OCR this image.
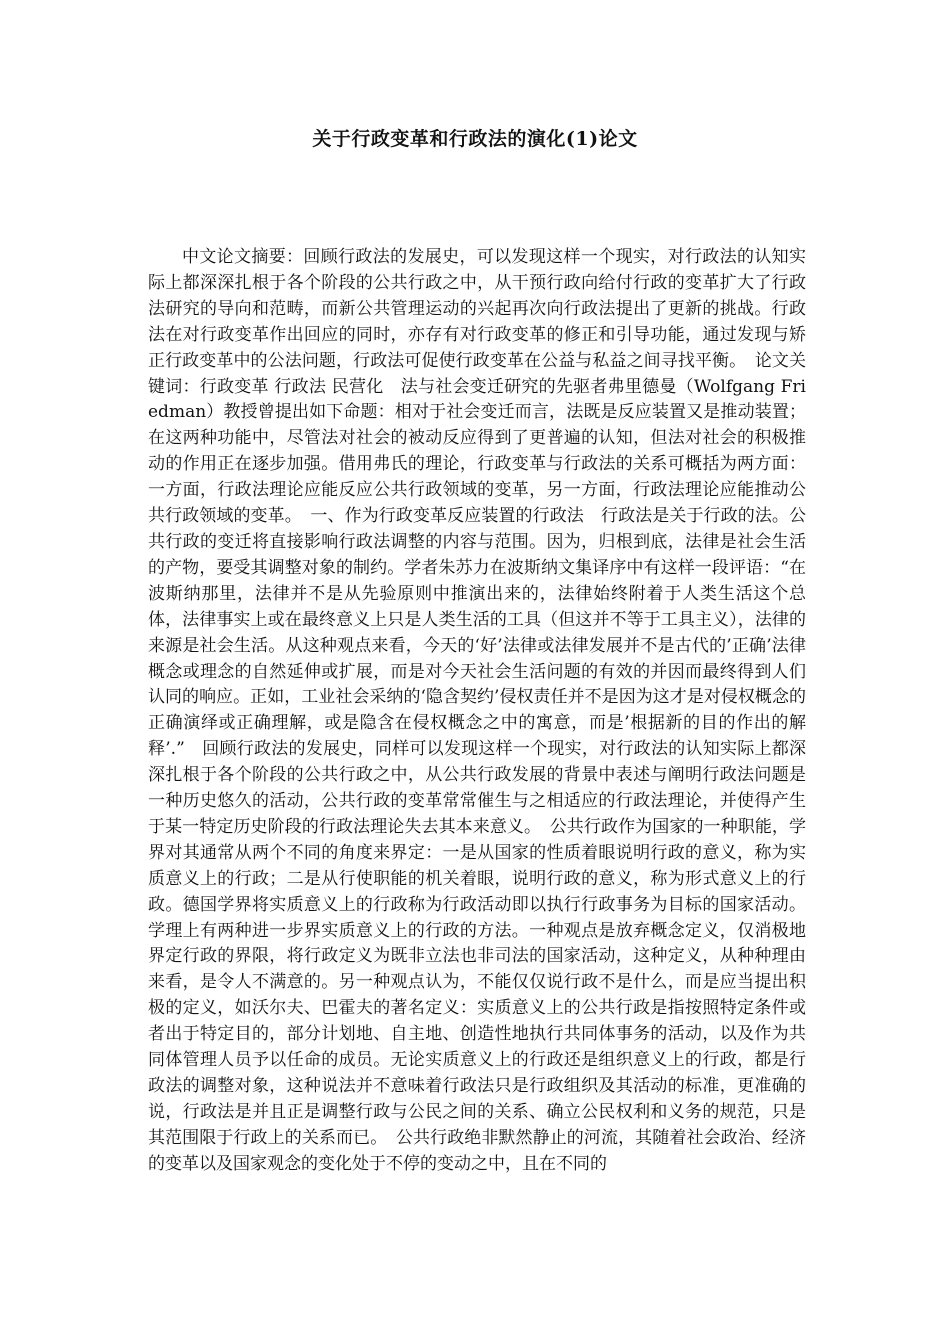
关于行政变革和行政法的演化(1)论文

中文论文摘要：回顾行政法的发展史，可以发现这样一个现实，对行政法的认知实际上都深深扎根于各个阶段的公共行政之中，从干预行政向给付行政的变革扩大了行政法研究的导向和范畴，而新公共管理运动的兴起再次向行政法提出了更新的挑战。行政法在对行政变革作出回应的同时，亦存有对行政变革的修正和引导功能，通过发现与矫正行政变革中的公法问题，行政法可促使行政变革在公益与私益之间寻找平衡。　论文关键词：行政变革 行政法 民营化　法与社会变迁研究的先驱者弗里德曼（Wolfgang Friedman）教授曾提出如下命题：相对于社会变迁而言，法既是反应装置又是推动装置；在这两种功能中，尽管法对社会的被动反应得到了更普遍的认知，但法对社会的积极推动的作用正在逐步加强。借用弗氏的理论，行政变革与行政法的关系可概括为两方面：一方面，行政法理论应能反应公共行政领域的变革，另一方面，行政法理论应能推动公共行政领域的变革。　一、作为行政变革反应装置的行政法　行政法是关于行政的法。公共行政的变迁将直接影响行政法调整的内容与范围。因为，归根到底，法律是社会生活的产物，要受其调整对象的制约。学者朱苏力在波斯纳文集译序中有这样一段评语：“在波斯纳那里，法律并不是从先验原则中推演出来的，法律始终附着于人类生活这个总体，法律事实上或在最终意义上只是人类生活的工具（但这并不等于工具主义），法律的来源是社会生活。从这种观点来看，今天的‘好’法律或法律发展并不是古代的’正确’法律概念或理念的自然延伸或扩展，而是对今天社会生活问题的有效的并因而最终得到人们认同的响应。正如，工业社会采纳的‘隐含契约’侵权责任并不是因为这才是对侵权概念的正确演绎或正确理解，或是隐含在侵权概念之中的寓意，而是’根据新的目的作出的解释’.”　回顾行政法的发展史，同样可以发现这样一个现实，对行政法的认知实际上都深深扎根于各个阶段的公共行政之中，从公共行政发展的背景中表述与阐明行政法问题是一种历史悠久的活动，公共行政的变革常常催生与之相适应的行政法理论，并使得产生于某一特定历史阶段的行政法理论失去其本来意义。　公共行政作为国家的一种职能，学界对其通常从两个不同的角度来界定：一是从国家的性质着眼说明行政的意义，称为实质意义上的行政；二是从行使职能的机关着眼，说明行政的意义，称为形式意义上的行政。德国学界将实质意义上的行政称为行政活动即以执行行政事务为目标的国家活动。学理上有两种进一步界实质意义上的行政的方法。一种观点是放弃概念定义，仅消极地界定行政的界限，将行政定义为既非立法也非司法的国家活动，这种定义，从种种理由来看，是令人不满意的。另一种观点认为，不能仅仅说行政不是什么，而是应当提出积极的定义，如沃尔夫、巴霍夫的著名定义：实质意义上的公共行政是指按照特定条件或者出于特定目的，部分计划地、自主地、创造性地执行共同体事务的活动，以及作为共同体管理人员予以任命的成员。无论实质意义上的行政还是组织意义上的行政，都是行政法的调整对象，这种说法并不意味着行政法只是行政组织及其活动的标准，更准确的说，行政法是并且正是调整行政与公民之间的关系、确立公民权利和义务的规范，只是其范围限于行政上的关系而已。　公共行政绝非默然静止的河流，其随着社会政治、经济的变革以及国家观念的变化处于不停的变动之中，且在不同的
